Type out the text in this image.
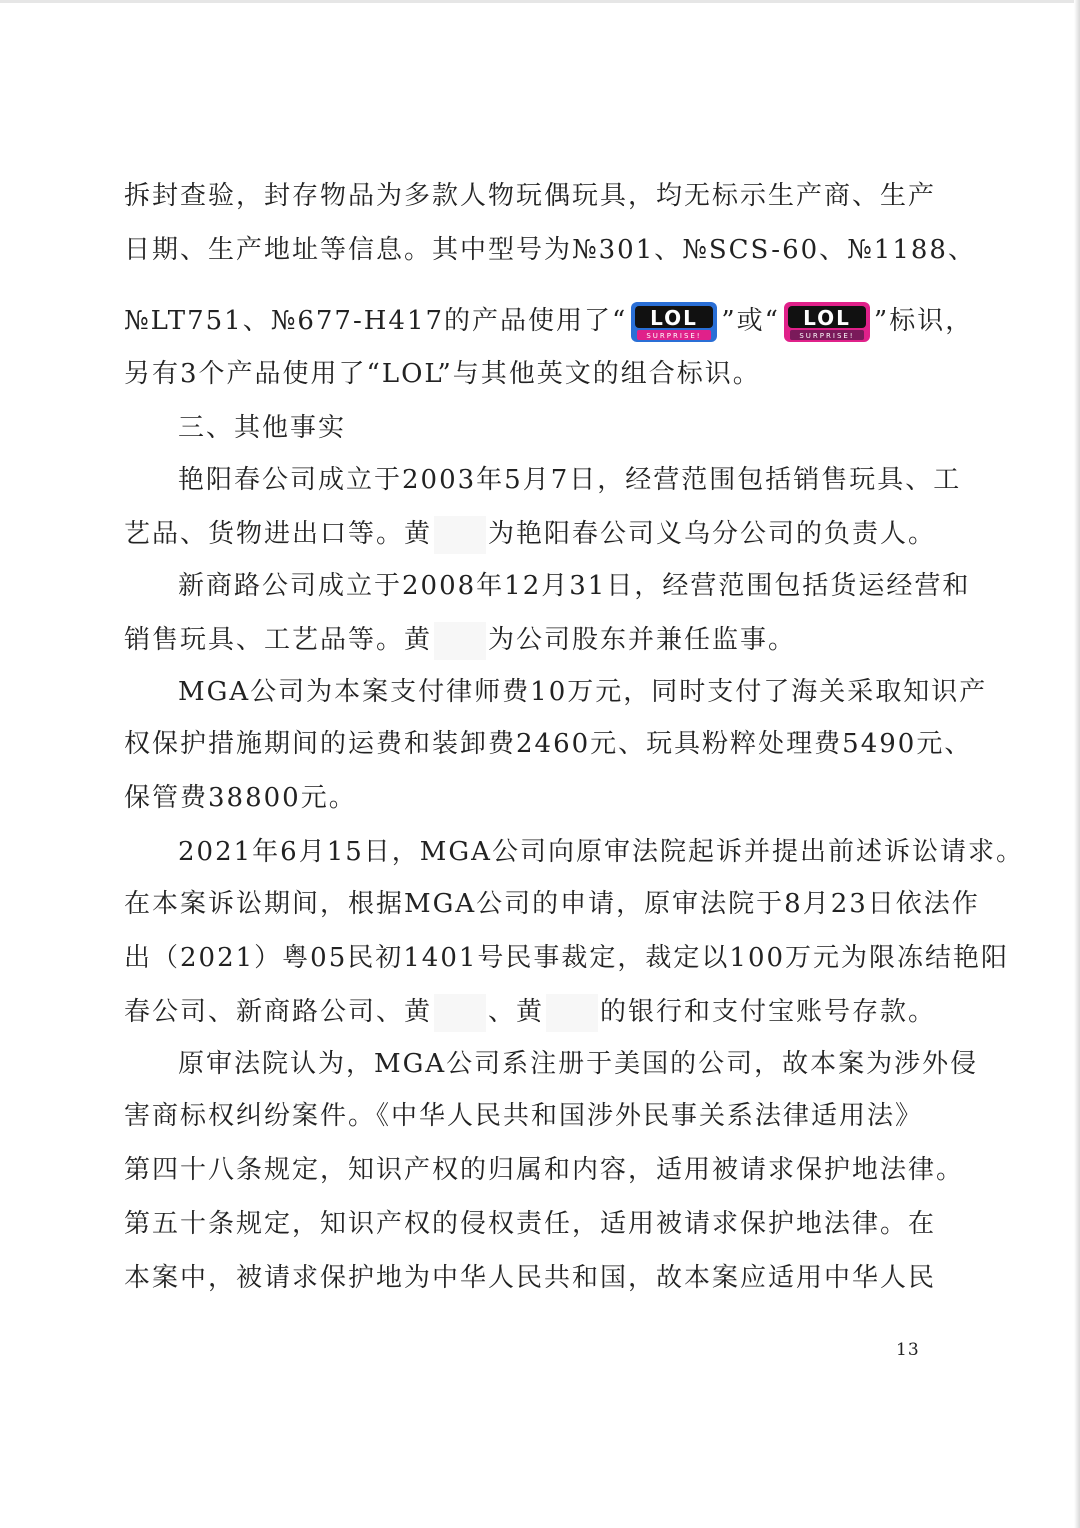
拆封查验，封存物品为多款人物玩偶玩具，均无标示生产商、生产
日期、生产地址等信息。其中型号为№301、№SCS-60、№1188、
№LT751、№677-H417的产品使用了“ LOL
SURPRISE! ”或“ LOL
SURPRISE! ”标识，
另有3个产品使用了“LOL”与其他英文的组合标识。
三、其他事实
艳阳春公司成立于2003年5月7日，经营范围包括销售玩具、工
艺品、货物进出口等。黄 为艳阳春公司义乌分公司的负责人。
新商路公司成立于2008年12月31日，经营范围包括货运经营和
销售玩具、工艺品等。黄 为公司股东并兼任监事。
MGA公司为本案支付律师费10万元，同时支付了海关采取知识产
权保护措施期间的运费和装卸费2460元、玩具粉粹处理费5490元、
保管费38800元。
2021年6月15日，MGA公司向原审法院起诉并提出前述诉讼请求。
在本案诉讼期间，根据MGA公司的申请，原审法院于8月23日依法作
出（2021）粤05民初1401号民事裁定，裁定以100万元为限冻结艳阳
春公司、新商路公司、黄 、黄 的银行和支付宝账号存款。
原审法院认为，MGA公司系注册于美国的公司，故本案为涉外侵
害商标权纠纷案件。《中华人民共和国涉外民事关系法律适用法》
第四十八条规定，知识产权的归属和内容，适用被请求保护地法律。
第五十条规定，知识产权的侵权责任，适用被请求保护地法律。在
本案中，被请求保护地为中华人民共和国，故本案应适用中华人民
13
